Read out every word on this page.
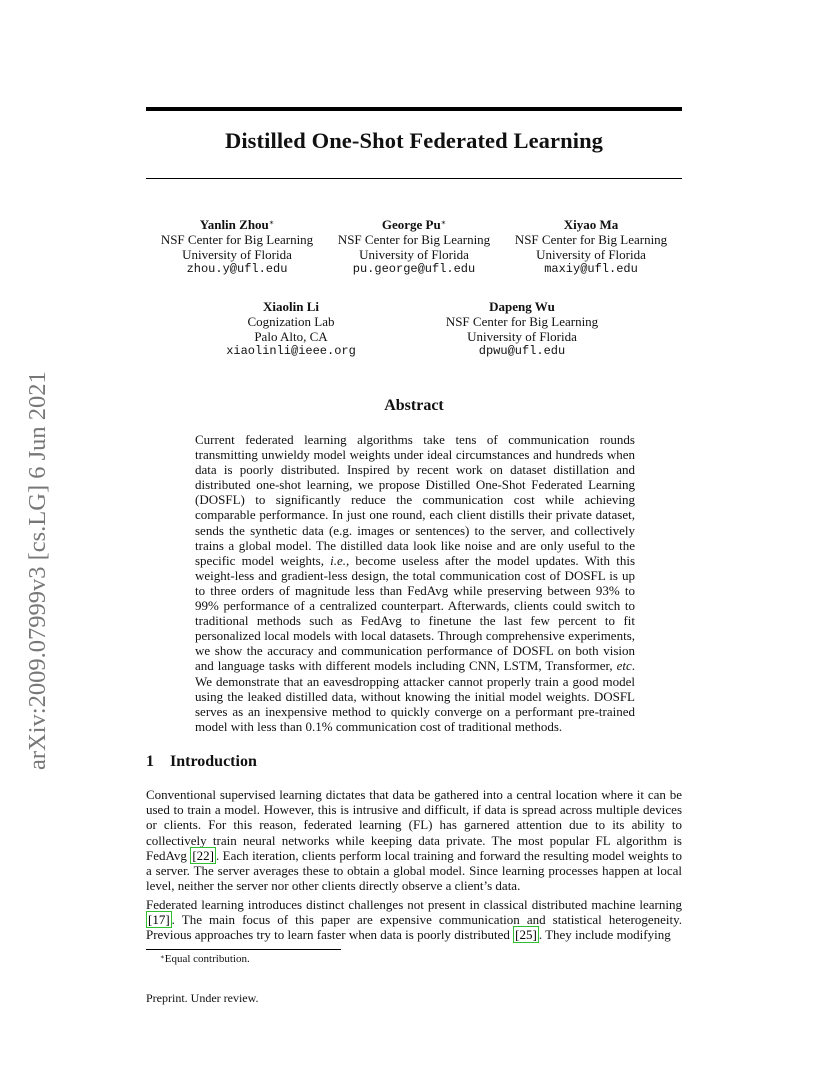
arXiv:2009.07999v3 [cs.LG] 6 Jun 2021
Distilled One-Shot Federated Learning
Yanlin Zhou∗
NSF Center for Big Learning
University of Florida
zhou.y@ufl.edu
George Pu∗
NSF Center for Big Learning
University of Florida
pu.george@ufl.edu
Xiyao Ma
NSF Center for Big Learning
University of Florida
maxiy@ufl.edu
Xiaolin Li
Cognization Lab
Palo Alto, CA
xiaolinli@ieee.org
Dapeng Wu
NSF Center for Big Learning
University of Florida
dpwu@ufl.edu
Abstract
Current federated learning algorithms take tens of communication rounds transmitting unwieldy model weights under ideal circumstances and hundreds when data is poorly distributed. Inspired by recent work on dataset distillation and distributed one-shot learning, we propose Distilled One-Shot Federated Learning (DOSFL) to significantly reduce the communication cost while achieving comparable performance. In just one round, each client distills their private dataset, sends the synthetic data (e.g. images or sentences) to the server, and collectively trains a global model. The distilled data look like noise and are only useful to the specific model weights, i.e., become useless after the model updates. With this weight-less and gradient-less design, the total communication cost of DOSFL is up to three orders of magnitude less than FedAvg while preserving between 93% to 99% performance of a centralized counterpart. Afterwards, clients could switch to traditional methods such as FedAvg to finetune the last few percent to fit personalized local models with local datasets. Through comprehensive experiments, we show the accuracy and communication performance of DOSFL on both vision and language tasks with different models including CNN, LSTM, Transformer, etc. We demonstrate that an eavesdropping attacker cannot properly train a good model using the leaked distilled data, without knowing the initial model weights. DOSFL serves as an inexpensive method to quickly converge on a performant pre-trained model with less than 0.1% communication cost of traditional methods.
1 Introduction
Conventional supervised learning dictates that data be gathered into a central location where it can be used to train a model. However, this is intrusive and difficult, if data is spread across multiple devices or clients. For this reason, federated learning (FL) has garnered attention due to its ability to collectively train neural networks while keeping data private. The most popular FL algorithm is FedAvg [22] . Each iteration, clients perform local training and forward the resulting model weights to a server. The server averages these to obtain a global model. Since learning processes happen at local level, neither the server nor other clients directly observe a client’s data.
Federated learning introduces distinct challenges not present in classical distributed machine learning [17] . The main focus of this paper are expensive communication and statistical heterogeneity. Previous approaches try to learn faster when data is poorly distributed [25] . They include modifying
∗Equal contribution.
Preprint. Under review.
